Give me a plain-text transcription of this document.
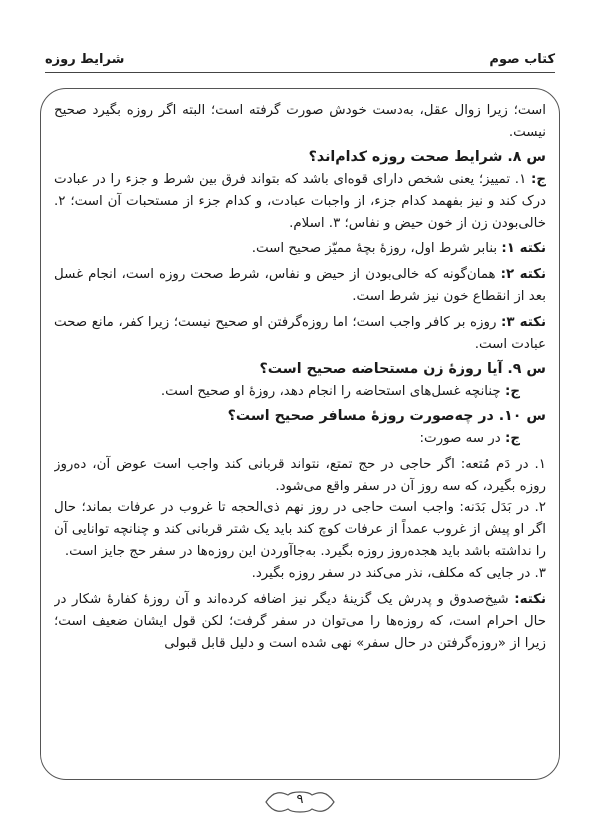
کتاب صوم
شرایط روزه

است؛ زیرا زوال عقل، به‌دست خودش صورت گرفته است؛ البته اگر روزه بگیرد صحیح نیست.

س ۸. شرایط صحت روزه کدام‌اند؟

ج: ۱. تمییز؛ یعنی شخص دارای قوه‌ای باشد که بتواند فرق بین شرط و جزء را در عبادت درک کند و نیز بفهمد کدام جزء، از واجبات عبادت، و کدام جزء از مستحبات آن است؛ ۲. خالی‌بودن زن از خون حیض و نفاس؛ ۳. اسلام.

نکته ۱: بنابر شرط اول، روزهٔ بچهٔ ممیّز صحیح است.

نکته ۲: همان‌گونه که خالی‌بودن از حیض و نفاس، شرط صحت روزه است، انجام غسل بعد از انقطاع خون نیز شرط است.

نکته ۳: روزه بر کافر واجب است؛ اما روزه‌گرفتن او صحیح نیست؛ زیرا کفر، مانع صحت عبادت است.

س ۹. آیا روزهٔ زن مستحاضه صحیح است؟

ج: چنانچه غسل‌های استحاضه را انجام دهد، روزهٔ او صحیح است.

س ۱۰. در چه‌صورت روزهٔ مسافر صحیح است؟

ج: در سه صورت:

۱. در دَم مُتعه: اگر حاجی در حج تمتع، نتواند قربانی کند واجب است عوض آن، ده‌روز روزه بگیرد، که سه روز آن در سفر واقع می‌شود.

۲. در بَدَل بَدَنه: واجب است حاجی در روز نهم ذی‌الحجه تا غروب در عرفات بماند؛ حال اگر او پیش از غروب عمداً از عرفات کوچ کند باید یک شتر قربانی کند و چنانچه توانایی آن را نداشته باشد باید هجده‌روز روزه بگیرد. به‌جاآوردن این روزه‌ها در سفر حج جایز است.

۳. در جایی که مکلف، نذر می‌کند در سفر روزه بگیرد.

نکته: شیخ‌صدوق و پدرش یک گزینهٔ دیگر نیز اضافه کرده‌اند و آن روزهٔ کفارهٔ شکار در حال احرام است، که روزه‌ها را می‌توان در سفر گرفت؛ لکن قول ایشان ضعیف است؛ زیرا از «روزه‌گرفتن در حال سفر» نهی شده است و دلیل قابل قبولی

۹
